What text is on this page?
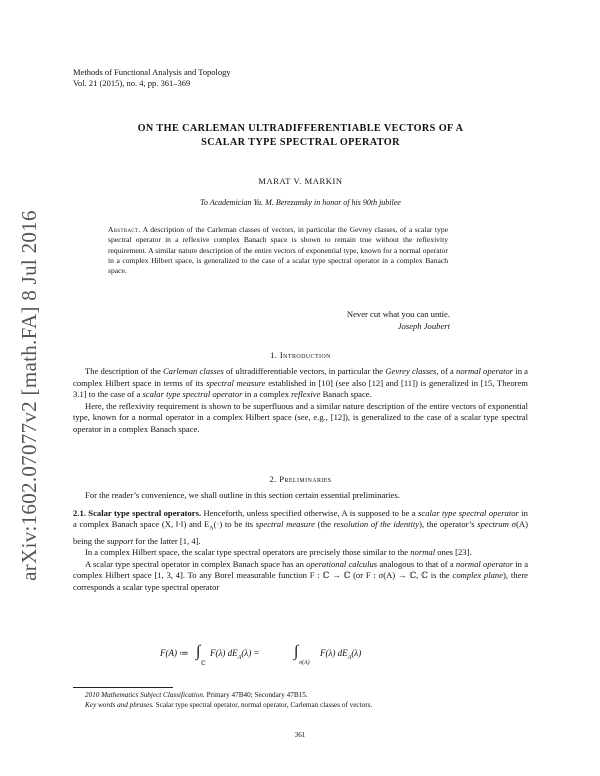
arXiv:1602.07077v2 [math.FA] 8 Jul 2016
Methods of Functional Analysis and Topology
Vol. 21 (2015), no. 4, pp. 361–369
ON THE CARLEMAN ULTRADIFFERENTIABLE VECTORS OF A
SCALAR TYPE SPECTRAL OPERATOR
MARAT V. MARKIN
To Academician Yu. M. Berezansky in honor of his 90th jubilee
Abstract. A description of the Carleman classes of vectors, in particular the Gevrey classes, of a scalar type spectral operator in a reflexive complex Banach space is shown to remain true without the reflexivity requirement. A similar nature description of the entire vectors of exponential type, known for a normal operator in a complex Hilbert space, is generalized to the case of a scalar type spectral operator in a complex Banach space.
Never cut what you can untie.
Joseph Joubert
1. Introduction

The description of the Carleman classes of ultradifferentiable vectors, in particular the Gevrey classes, of a normal operator in a complex Hilbert space in terms of its spectral measure established in [10] (see also [12] and [11]) is generalized in [15, Theorem 3.1] to the case of a scalar type spectral operator in a complex reflexive Banach space.

Here, the reflexivity requirement is shown to be superfluous and a similar nature description of the entire vectors of exponential type, known for a normal operator in a complex Hilbert space (see, e.g., [12]), is generalized to the case of a scalar type spectral operator in a complex Banach space.

2. Preliminaries

For the reader’s convenience, we shall outline in this section certain essential preliminaries.

2.1. Scalar type spectral operators. Henceforth, unless specified otherwise, A is supposed to be a scalar type spectral operator in a complex Banach space (X, ‖·‖) and $E_A(\cdot)$ to be its spectral measure (the resolution of the identity), the operator’s spectrum σ(A) being the support for the latter [1, 4].

In a complex Hilbert space, the scalar type spectral operators are precisely those similar to the normal ones [23].

A scalar type spectral operator in complex Banach space has an operational calculus analogous to that of a normal operator in a complex Hilbert space [1, 3, 4]. To any Borel measurable function F : ℂ → ℂ (or F : σ(A) → ℂ, ℂ is the complex plane), there corresponds a scalar type spectral operator

F(A) ≔ ∫
ℂ
F(λ) $dE_A(\lambda)$ = ∫
σ(A)
F(λ) $dE_A(\lambda)$
2010 Mathematics Subject Classification. Primary 47B40; Secondary 47B15.
Key words and phrases. Scalar type spectral operator, normal operator, Carleman classes of vectors.
361
